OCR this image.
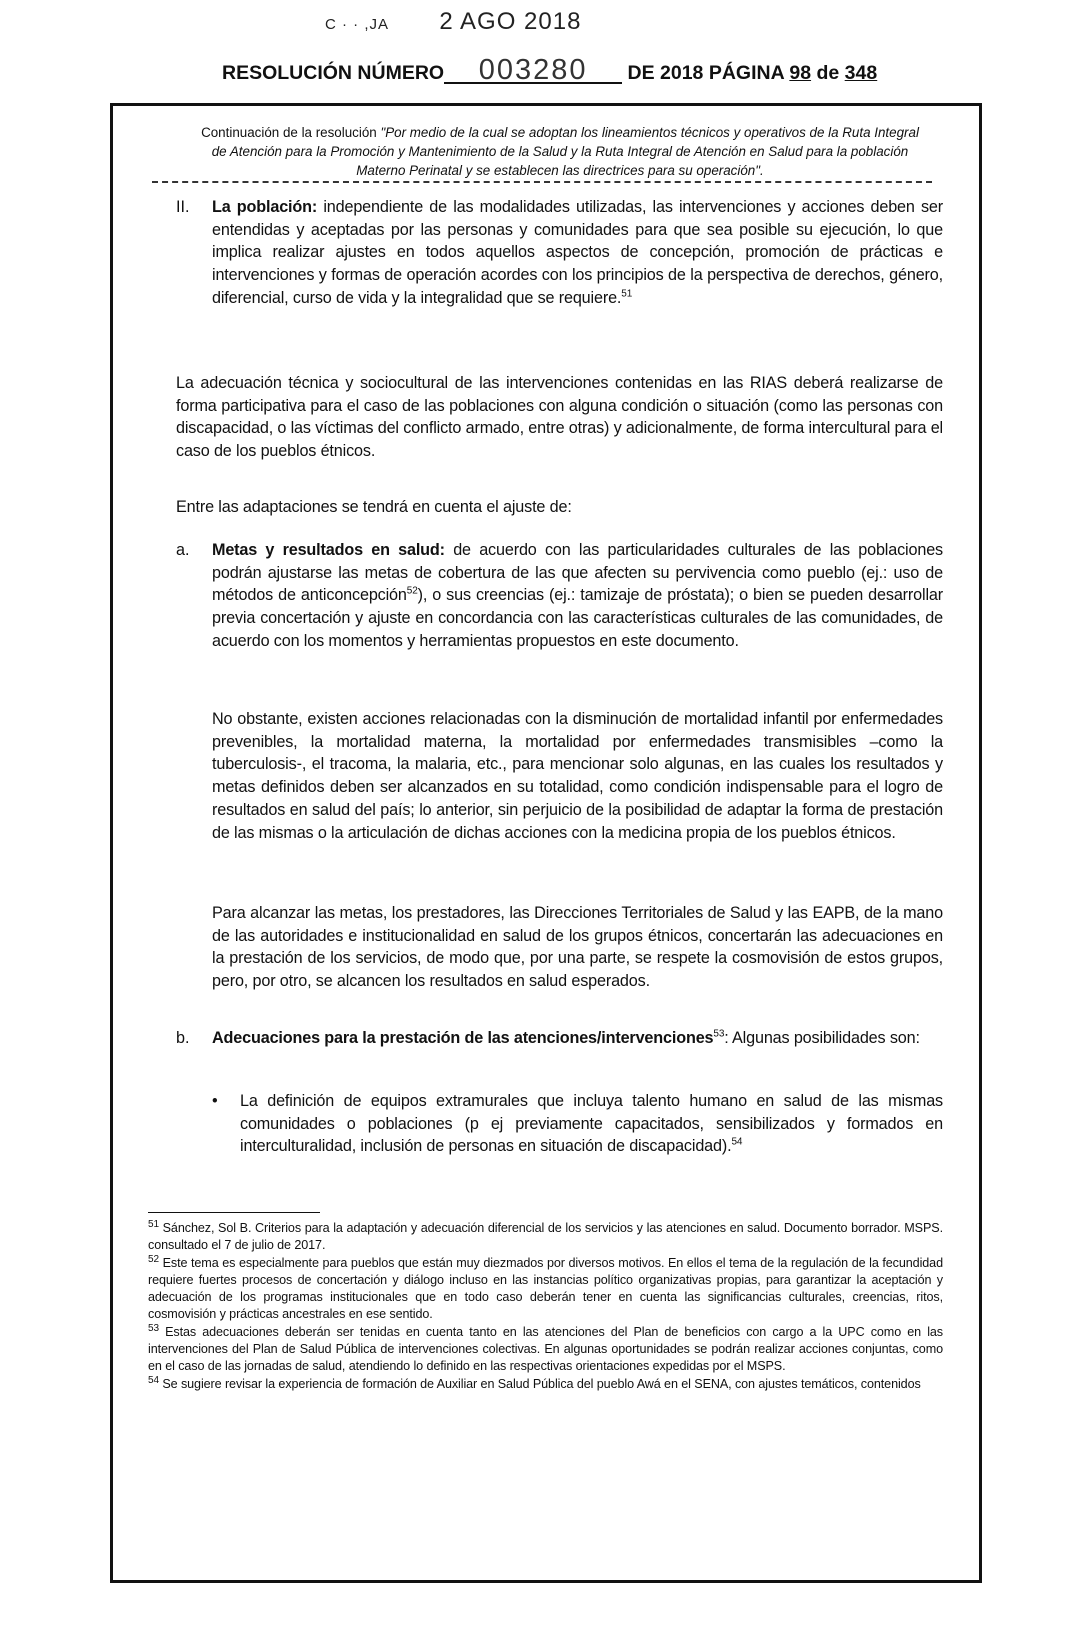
C · · ,JA 2 AGO 2018
RESOLUCIÓN NÚMERO 003280 DE 2018 PÁGINA 98 de 348
Continuación de la resolución "Por medio de la cual se adoptan los lineamientos técnicos y operativos de la Ruta Integral de Atención para la Promoción y Mantenimiento de la Salud y la Ruta Integral de Atención en Salud para la población Materno Perinatal y se establecen las directrices para su operación".
II. La población: independiente de las modalidades utilizadas, las intervenciones y acciones deben ser entendidas y aceptadas por las personas y comunidades para que sea posible su ejecución, lo que implica realizar ajustes en todos aquellos aspectos de concepción, promoción de prácticas e intervenciones y formas de operación acordes con los principios de la perspectiva de derechos, género, diferencial, curso de vida y la integralidad que se requiere.$^{51}$
La adecuación técnica y sociocultural de las intervenciones contenidas en las RIAS deberá realizarse de forma participativa para el caso de las poblaciones con alguna condición o situación (como las personas con discapacidad, o las víctimas del conflicto armado, entre otras) y adicionalmente, de forma intercultural para el caso de los pueblos étnicos.
Entre las adaptaciones se tendrá en cuenta el ajuste de:
a. Metas y resultados en salud: de acuerdo con las particularidades culturales de las poblaciones podrán ajustarse las metas de cobertura de las que afecten su pervivencia como pueblo (ej.: uso de métodos de anticoncepción$^{52}$), o sus creencias (ej.: tamizaje de próstata); o bien se pueden desarrollar previa concertación y ajuste en concordancia con las características culturales de las comunidades, de acuerdo con los momentos y herramientas propuestos en este documento.
No obstante, existen acciones relacionadas con la disminución de mortalidad infantil por enfermedades prevenibles, la mortalidad materna, la mortalidad por enfermedades transmisibles –como la tuberculosis-, el tracoma, la malaria, etc., para mencionar solo algunas, en las cuales los resultados y metas definidos deben ser alcanzados en su totalidad, como condición indispensable para el logro de resultados en salud del país; lo anterior, sin perjuicio de la posibilidad de adaptar la forma de prestación de las mismas o la articulación de dichas acciones con la medicina propia de los pueblos étnicos.
Para alcanzar las metas, los prestadores, las Direcciones Territoriales de Salud y las EAPB, de la mano de las autoridades e institucionalidad en salud de los grupos étnicos, concertarán las adecuaciones en la prestación de los servicios, de modo que, por una parte, se respete la cosmovisión de estos grupos, pero, por otro, se alcancen los resultados en salud esperados.
b. Adecuaciones para la prestación de las atenciones/intervenciones$^{53}$: Algunas posibilidades son:
• La definición de equipos extramurales que incluya talento humano en salud de las mismas comunidades o poblaciones (p ej previamente capacitados, sensibilizados y formados en interculturalidad, inclusión de personas en situación de discapacidad).$^{54}$

$^{51}$ Sánchez, Sol B. Criterios para la adaptación y adecuación diferencial de los servicios y las atenciones en salud. Documento borrador. MSPS. consultado el 7 de julio de 2017.

$^{52}$ Este tema es especialmente para pueblos que están muy diezmados por diversos motivos. En ellos el tema de la regulación de la fecundidad requiere fuertes procesos de concertación y diálogo incluso en las instancias político organizativas propias, para garantizar la aceptación y adecuación de los programas institucionales que en todo caso deberán tener en cuenta las significancias culturales, creencias, ritos, cosmovisión y prácticas ancestrales en ese sentido.

$^{53}$ Estas adecuaciones deberán ser tenidas en cuenta tanto en las atenciones del Plan de beneficios con cargo a la UPC como en las intervenciones del Plan de Salud Pública de intervenciones colectivas. En algunas oportunidades se podrán realizar acciones conjuntas, como en el caso de las jornadas de salud, atendiendo lo definido en las respectivas orientaciones expedidas por el MSPS.

$^{54}$ Se sugiere revisar la experiencia de formación de Auxiliar en Salud Pública del pueblo Awá en el SENA, con ajustes temáticos, contenidos
